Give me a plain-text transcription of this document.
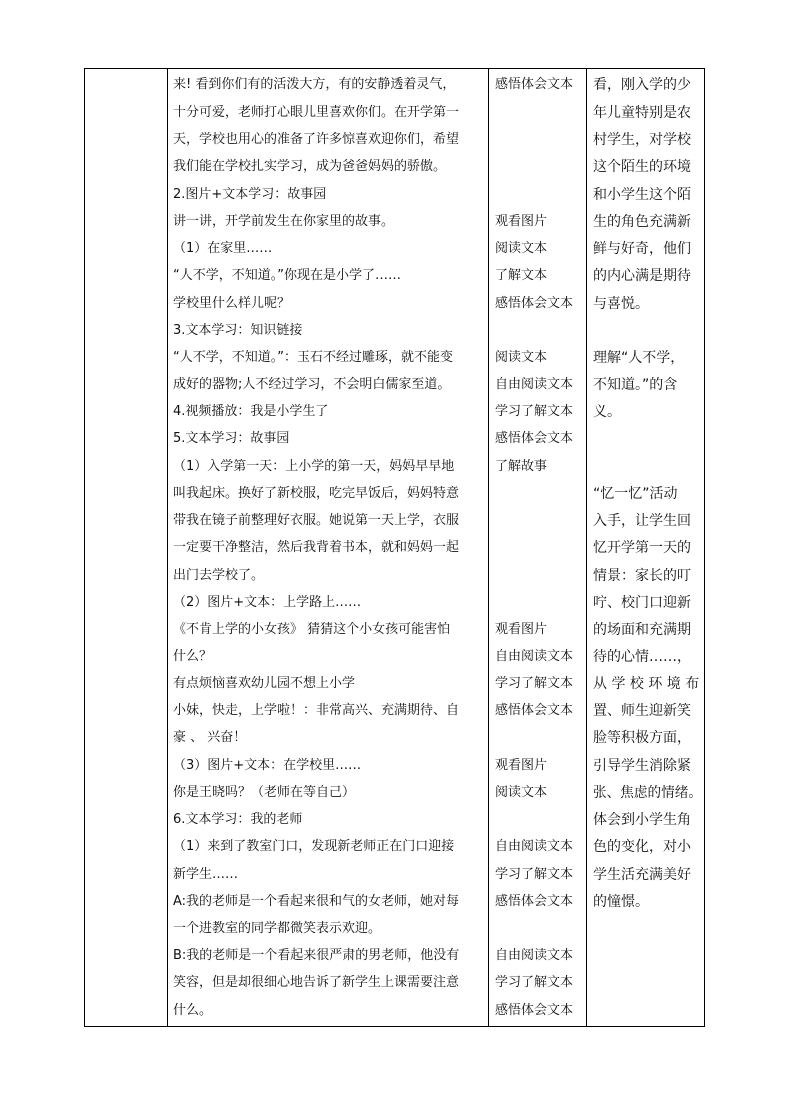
来! 看到你们有的活泼大方，有的安静透着灵气，
十分可爱，老师打心眼儿里喜欢你们。在开学第一
天，学校也用心的准备了许多惊喜欢迎你们，希望
我们能在学校扎实学习，成为爸爸妈妈的骄傲。
2.图片+文本学习：故事园
讲一讲，开学前发生在你家里的故事。
（1）在家里……
“人不学，不知道。”你现在是小学了……
学校里什么样儿呢？
3.文本学习：知识链接
“人不学，不知道。”：玉石不经过雕琢，就不能变
成好的器物;人不经过学习，不会明白儒家至道。
4.视频播放：我是小学生了
5.文本学习：故事园
（1）入学第一天：上小学的第一天，妈妈早早地
叫我起床。换好了新校服，吃完早饭后，妈妈特意
带我在镜子前整理好衣服。她说第一天上学，衣服
一定要干净整洁，然后我背着书本，就和妈妈一起
出门去学校了。
（2）图片+文本：上学路上……
《不肯上学的小女孩》 猜猜这个小女孩可能害怕
什么？
有点烦恼喜欢幼儿园不想上小学
小妹，快走，上学啦！：非常高兴、充满期待、自
豪 、 兴奋！
（3）图片+文本：在学校里……
你是王晓吗？（老师在等自己）
6.文本学习：我的老师
（1）来到了教室门口，发现新老师正在门口迎接
新学生……
A:我的老师是一个看起来很和气的女老师，她对每
一个进教室的同学都微笑表示欢迎。
B:我的老师是一个看起来很严肃的男老师，他没有
笑容，但是却很细心地告诉了新学生上课需要注意
什么。
感悟体会文本
观看图片
阅读文本
了解文本
感悟体会文本
阅读文本
自由阅读文本
学习了解文本
感悟体会文本
了解故事
观看图片
自由阅读文本
学习了解文本
感悟体会文本
观看图片
阅读文本
自由阅读文本
学习了解文本
感悟体会文本
自由阅读文本
学习了解文本
感悟体会文本
看，刚入学的少
年儿童特别是农
村学生，对学校
这个陌生的环境
和小学生这个陌
生的角色充满新
鲜与好奇，他们
的内心满是期待
与喜悦。
理解“人不学，
不知道。”的含
义。
“忆一忆”活动
入手，让学生回
忆开学第一天的
情景：家长的叮
咛、校门口迎新
的场面和充满期
待的心情……，
从 学 校 环 境 布
置、师生迎新笑
脸等积极方面，
引导学生消除紧
张、焦虑的情绪。
体会到小学生角
色的变化，对小
学生活充满美好
的憧憬。
